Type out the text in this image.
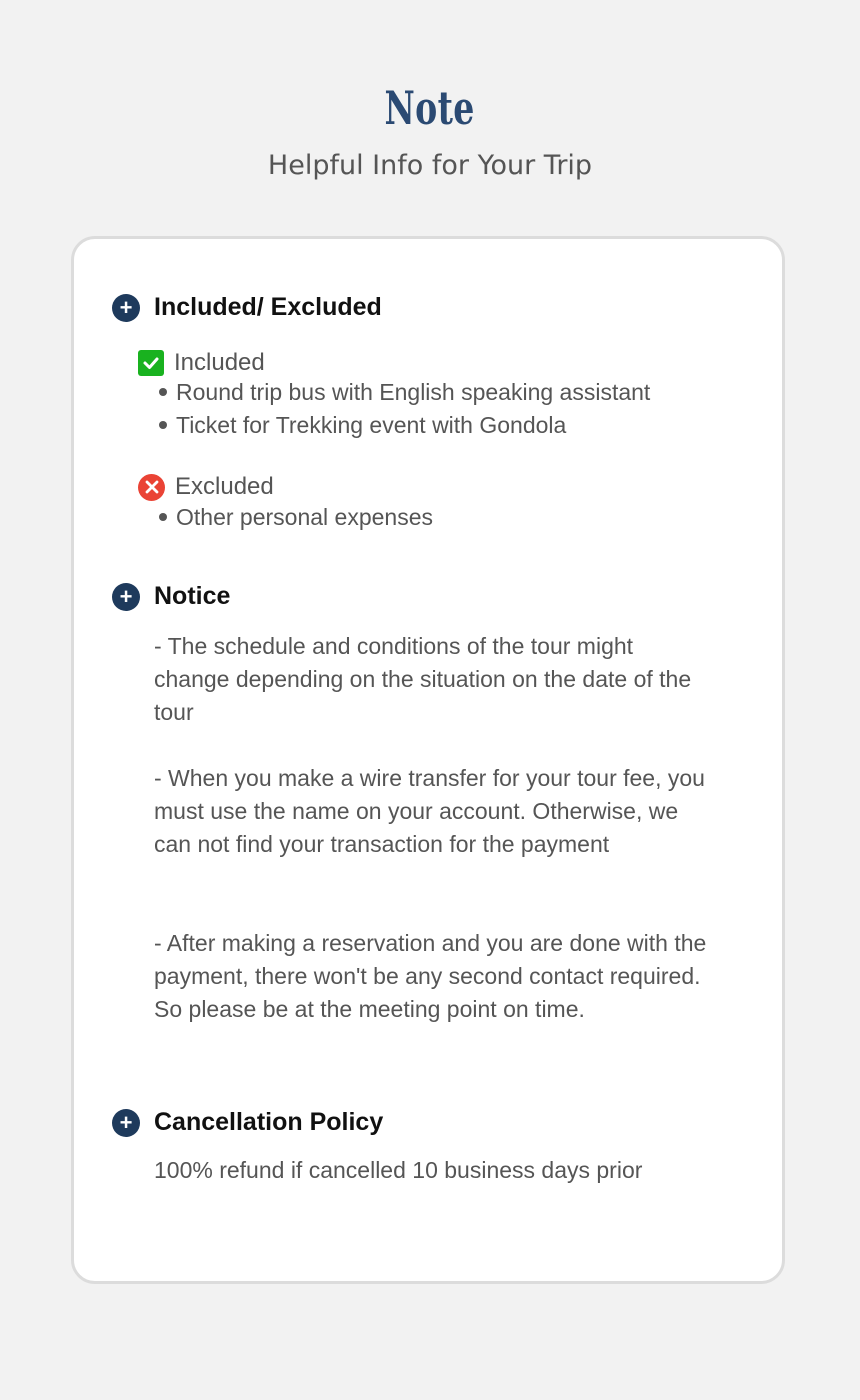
Note
Helpful Info for Your Trip
+ Included/ Excluded
Included
Round trip bus with English speaking assistant
Ticket for Trekking event with Gondola
Excluded
Other personal expenses
+ Notice
- The schedule and conditions of the tour might change depending on the situation on the date of the tour
- When you make a wire transfer for your tour fee, you must use the name on your account. Otherwise, we can not find your transaction for the payment
- After making a reservation and you are done with the payment, there won't be any second contact required. So please be at the meeting point on time.
+ Cancellation Policy
100% refund if cancelled 10 business days prior
